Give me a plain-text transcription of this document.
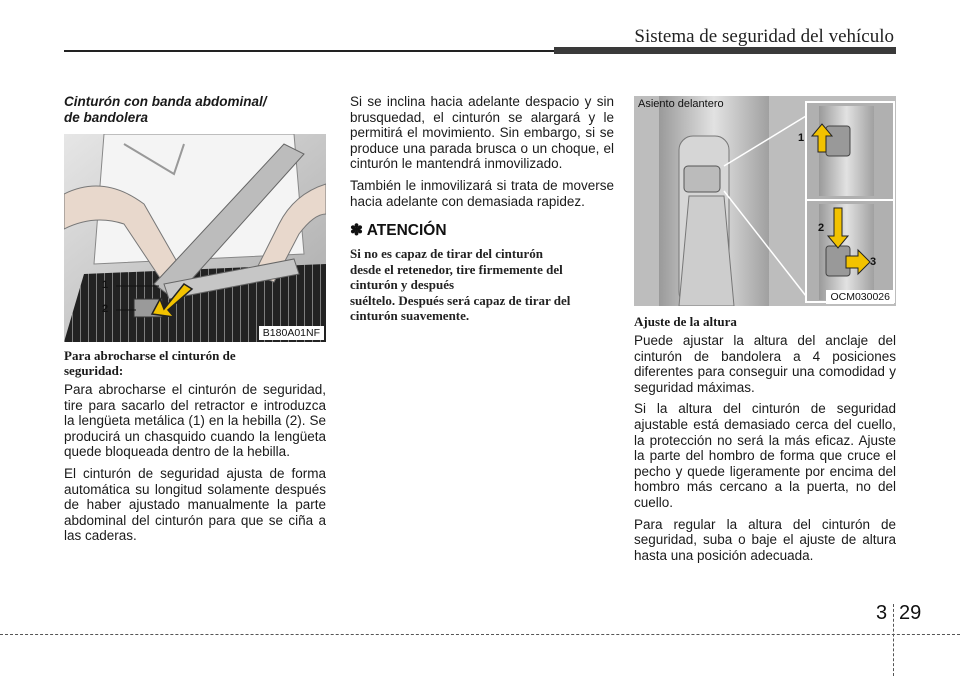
Sistema de seguridad del vehículo
Cinturón con banda abdominal/
de bandolera
1
2
B180A01NF
Para abrocharse el cinturón de
seguridad:

Para abrocharse el cinturón de seguridad, tire para sacarlo del retractor e introduzca la lengüeta metálica (1) en la hebilla (2). Se producirá un chasquido cuando la lengüeta quede bloqueada dentro de la hebilla.

El cinturón de seguridad ajusta de forma automática su longitud solamente después de haber ajustado manualmente la parte abdominal del cinturón para que se ciña a las caderas.

Si se inclina hacia adelante despacio y sin brusquedad, el cinturón se alargará y le permitirá el movimiento. Sin embargo, si se produce una parada brusca o un choque, el cinturón le mantendrá inmovilizado.

También le inmovilizará si trata de moverse hacia adelante con demasiada rapidez.

✽ ATENCIÓN
Si no es capaz de tirar del cinturón
desde el retenedor, tire firmemente del
cinturón y después
suéltelo. Después será capaz de tirar del
cinturón suavemente.
Asiento delantero
1
2
3
OCM030026
Ajuste de la altura

Puede ajustar la altura del anclaje del cinturón de bandolera a 4 posiciones diferentes para conseguir una comodidad y seguridad máximas.

Si la altura del cinturón de seguridad ajustable está demasiado cerca del cuello, la protección no será la más eficaz. Ajuste la parte del hombro de forma que cruce el pecho y quede ligeramente por encima del hombro más cercano a la puerta, no del cuello.

Para regular la altura del cinturón de seguridad, suba o baje el ajuste de altura hasta una posición adecuada.

3 29
